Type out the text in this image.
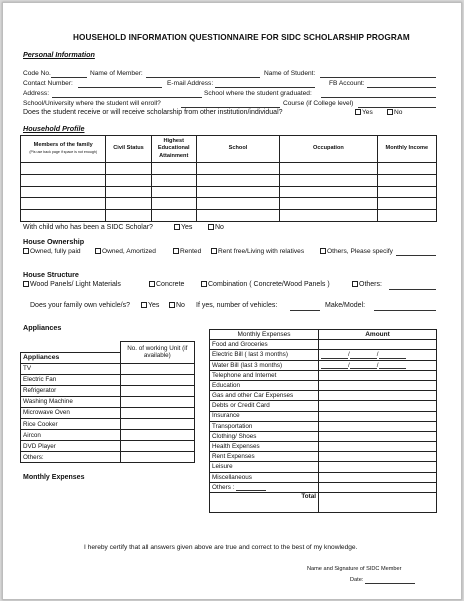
HOUSEHOLD INFORMATION QUESTIONNAIRE FOR SIDC SCHOLARSHIP PROGRAM
Personal Information
Code No.	Name of Member:	Name of Student:
Contact Number:	E-mail Address:	FB Account:
Address:	School where the student graduated:
School/University where the student will enroll?	Course (if College level)
Does the student receive or will receive scholarship from other institution/individual?	Yes	No
Household Profile
Members of the family
(Pls use back page if space is not enough)	Civil Status	Highest Educational Attainment	School	Occupation	Monthly Income

With child who has been a SIDC Scholar?	Yes	No
House Ownership
Owned, fully paid	Owned, Amortized	Rented	Rent free/Living with relatives	Others, Please specify
House Structure
Wood Panels/ Light Materials	Concrete	Combination ( Concrete/Wood Panels )	Others:
Does your family own vehicle/s?	Yes	No If yes, number of vehicles:	Make/Model:
Appliances
	No. of working Unit (if available)
Appliances	
TV	
Electric Fan	
Refrigerator	
Washing Machine	
Microwave Oven	
Rice Cooker	
Aircon	
DVD Player	
Others:	
Monthly Expenses
Monthly Expenses	Amount
Food and Groceries	
Electric Bill ( last 3 months)	/ /
Water Bill (last 3 months)	/ /
Telephone and Internet	
Education	
Gas and other Car Expenses	
Debts or Credit Card	
Insurance	
Transportation	
Clothing/ Shoes	
Health Expenses	
Rent Expenses	
Leisure	
Miscellaneous	
Others :	
Total	
I hereby certify that all answers given above are true and correct to the best of my knowledge.
Name and Signature of SIDC Member
Date:
